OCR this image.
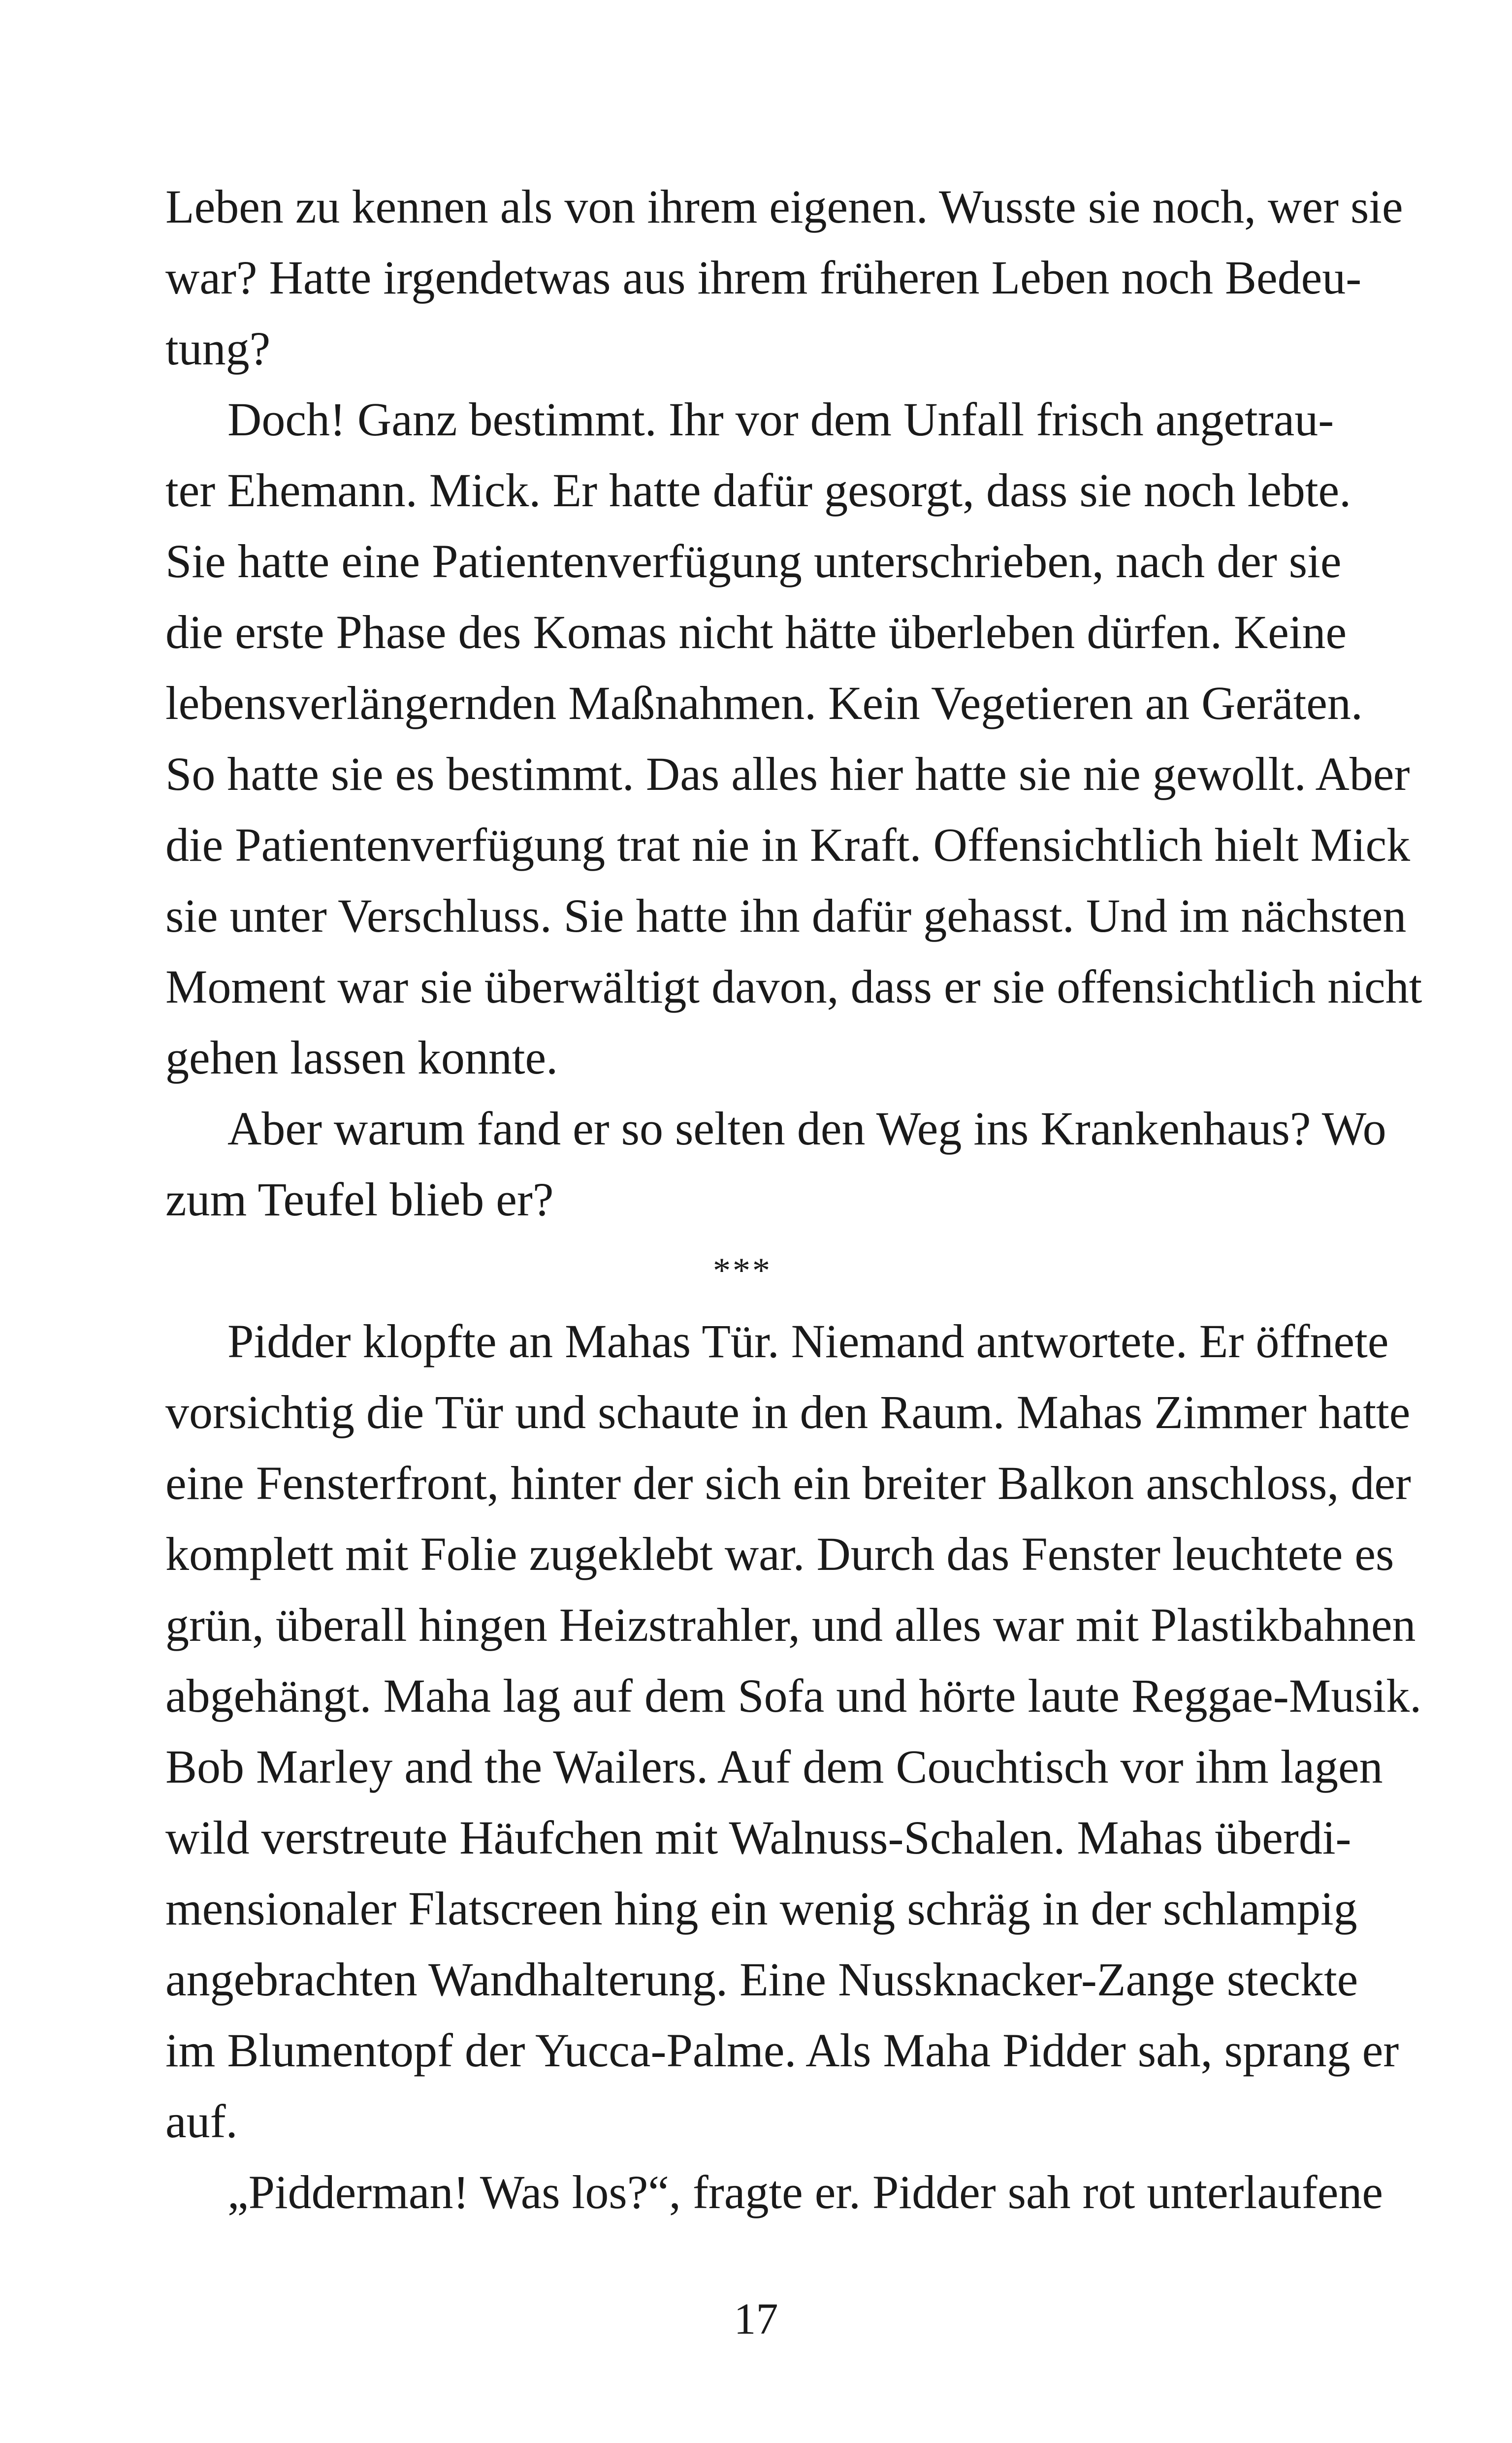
Leben zu kennen als von ihrem eigenen. Wusste sie noch, wer sie
war? Hatte irgendetwas aus ihrem früheren Leben noch Bedeu-
tung?
Doch! Ganz bestimmt. Ihr vor dem Unfall frisch angetrau-
ter Ehemann. Mick. Er hatte dafür gesorgt, dass sie noch lebte.
Sie hatte eine Patientenverfügung unterschrieben, nach der sie
die erste Phase des Komas nicht hätte überleben dürfen. Keine
lebensverlängernden Maßnahmen. Kein Vegetieren an Geräten.
So hatte sie es bestimmt. Das alles hier hatte sie nie gewollt. Aber
die Patientenverfügung trat nie in Kraft. Offensichtlich hielt Mick
sie unter Verschluss. Sie hatte ihn dafür gehasst. Und im nächsten
Moment war sie überwältigt davon, dass er sie offensichtlich nicht
gehen lassen konnte.
Aber warum fand er so selten den Weg ins Krankenhaus? Wo
zum Teufel blieb er?
***
Pidder klopfte an Mahas Tür. Niemand antwortete. Er öffnete
vorsichtig die Tür und schaute in den Raum. Mahas Zimmer hatte
eine Fensterfront, hinter der sich ein breiter Balkon anschloss, der
komplett mit Folie zugeklebt war. Durch das Fenster leuchtete es
grün, überall hingen Heizstrahler, und alles war mit Plastikbahnen
abgehängt. Maha lag auf dem Sofa und hörte laute Reggae-Musik.
Bob Marley and the Wailers. Auf dem Couchtisch vor ihm lagen
wild verstreute Häufchen mit Walnuss-Schalen. Mahas überdi-
mensionaler Flatscreen hing ein wenig schräg in der schlampig
angebrachten Wandhalterung. Eine Nussknacker-Zange steckte
im Blumentopf der Yucca-Palme. Als Maha Pidder sah, sprang er
auf.
„Pidderman! Was los?“, fragte er. Pidder sah rot unterlaufene
17
